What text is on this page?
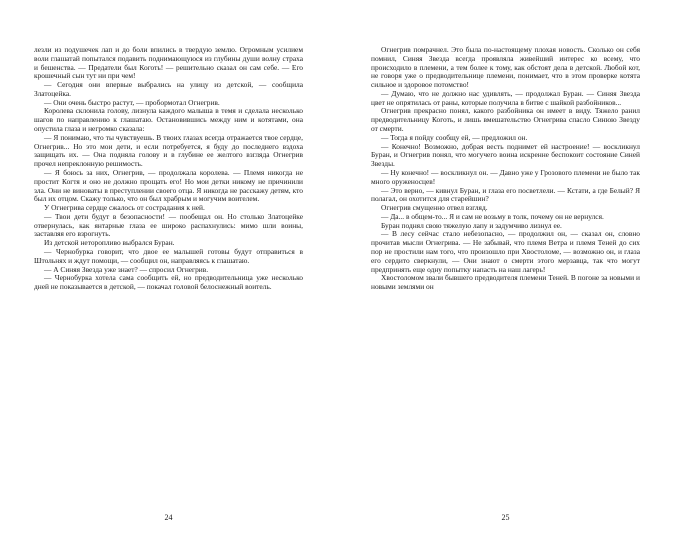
лезли из подушечек лап и до боли впились в твердую землю. Огромным усилием воли глашатай попытался подавить поднимающуюся из глубины души волну страха и бешенства. — Предатели был Коготь! — решительно сказал он сам себе. — Его крошечный сын тут ни при чем!

— Сегодня они впервые выбрались на улицу из детской, — сообщила Златоцейка.

— Они очень быстро растут, — пробормотал Огнегрив.

Королева склонила голову, лизнула каждого малыша в темя и сделала несколько шагов по направлению к глашатаю. Остановившись между ним и котятами, она опустила глаза и негромко сказала:

— Я понимаю, что ты чувствуешь. В твоих глазах всегда отражается твое сердце, Огнегрив... Но это мои дети, и если потребуется, я буду до последнего вздоха защищать их. — Она подняла голову и в глубине ее желтого взгляда Огнегрив прочел непреклонную решимость.

— Я боюсь за них, Огнегрив, — продолжала королева. — Племя никогда не простит Когтя и оно не должно прощать его! Но мои детки никому не причинили зла. Они не виноваты в преступлении своего отца. Я никогда не расскажу детям, кто был их отцом. Скажу только, что он был храбрым и могучим воителем.

У Огнегрива сердце сжалось от сострадания к ней.

— Твои дети будут в безопасности! — пообещал он. Но столько Златоцейке отвернулась, как янтарные глаза ее широко распахнулись: мимо шли воины, заставляя его взрогнуть.

Из детской неторопливо выбрался Буран.

— Чернобурка говорит, что двое ее малышей готовы будут отправиться в Штольнях и ждут помощи, — сообщил он, направляясь к глашатаю.

— А Синяя Звезда уже знает? — спросил Огнегрив.

— Чернобурка хотела сама сообщить ей, но предводительница уже несколько дней не показывается в детской, — покачал головой белоснежный воитель.

24

Огнегрив помрачнел. Это была по-настоящему плохая новость. Сколько он себя помнил, Синяя Звезда всегда проявляла живейший интерес ко всему, что происходило в племени, а тем более к тому, как обстоят дела в детской. Любой кот, не говоря уже о предводительнице племени, понимает, что в этом проверке котята сильное и здоровое потомство!

— Думаю, что не должно нас удивлять, — продолжал Буран. — Синяя Звезда цвет не опрятилась от раны, которые получила в битве с шайкой разбойников...

Огнегрив прекрасно понял, какого разбойника он имеет в виду. Тяжело ранил предводительницу Коготь, и лишь вмешательство Огнегрива спасло Синюю Звезду от смерти.

— Тогда я пойду сообщу ей, — предложил он.

— Конечно! Возможно, добрая весть поднимет ей настроение! — воскликнул Буран, и Огнегрив понял, что могучего воина искренне беспокоит состояние Синей Звезды.

— Ну конечно! — воскликнул он. — Давно уже у Грозового племени не было так много оруженосцев!

— Это верно, — кивнул Буран, и глаза его посветлели. — Кстати, а где Белый? Я полагал, он охотится для старейшин?

Огнегрив смущенно отвел взгляд.

— Да... в общем-то... Я и сам не возьму в толк, почему он не вернулся.

Буран поднял свою тяжелую лапу и задумчиво лизнул ее.

— В лесу сейчас стало небезопасно, — продолжил он, — сказал он, словно прочитав мысли Огнегрива. — Не забывай, что племя Ветра и племя Теней до сих пор не простили нам того, что произошло при Хвостоломе, — возможно он, и глаза его сердито сверкнули, — Они знают о смерти этого мерзавца, так что могут предпринять еще одну попытку напасть на наш лагерь!

Хвостоломом звали бывшего предводителя племени Теней. В погоне за новыми и новыми землями он

25
